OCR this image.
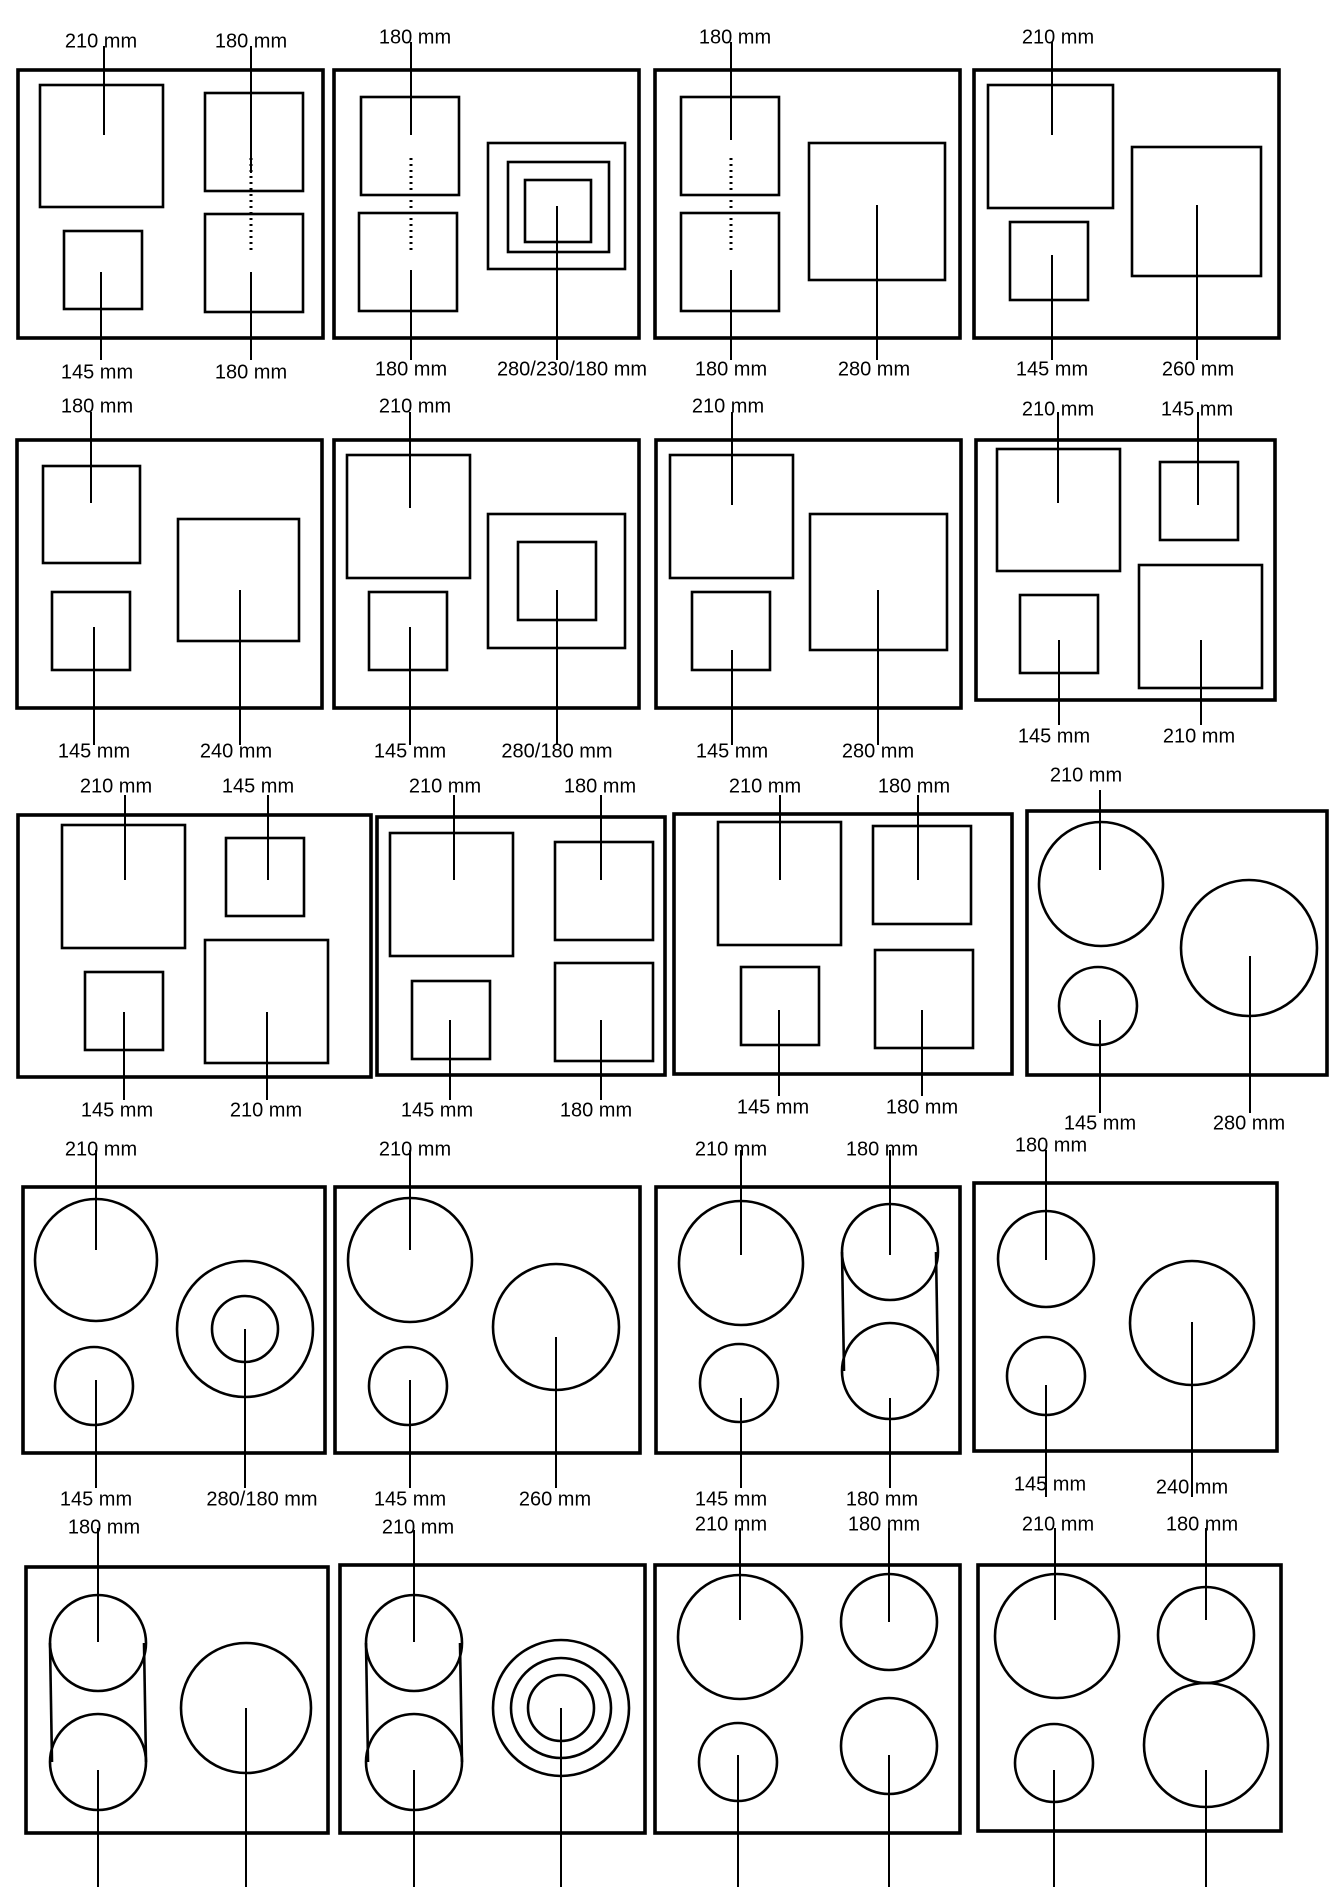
210 mm	180 mm
145 mm	180 mm
180 mm
180 mm 280/230/180 mm
180 mm
180 mm	280 mm
210 mm
145 mm	260 mm
180 mm
145 mm	240 mm
210 mm
145 mm	280/180 mm
210 mm
145 mm	280 mm
210 mm	145 mm
145 mm	210 mm
210 mm	145 mm
145 mm	210 mm
210 mm	180 mm
145 mm	180 mm
210 mm	180 mm
145 mm	180 mm
210 mm
145 mm	280 mm
210 mm
145 mm	280/180 mm
210 mm
145 mm	260 mm
210 mm	180 mm
145 mm	180 mm
180 mm
145 mm	240 mm
180 mm	210 mm	210 mm	180 mm	210 mm	180 mm
